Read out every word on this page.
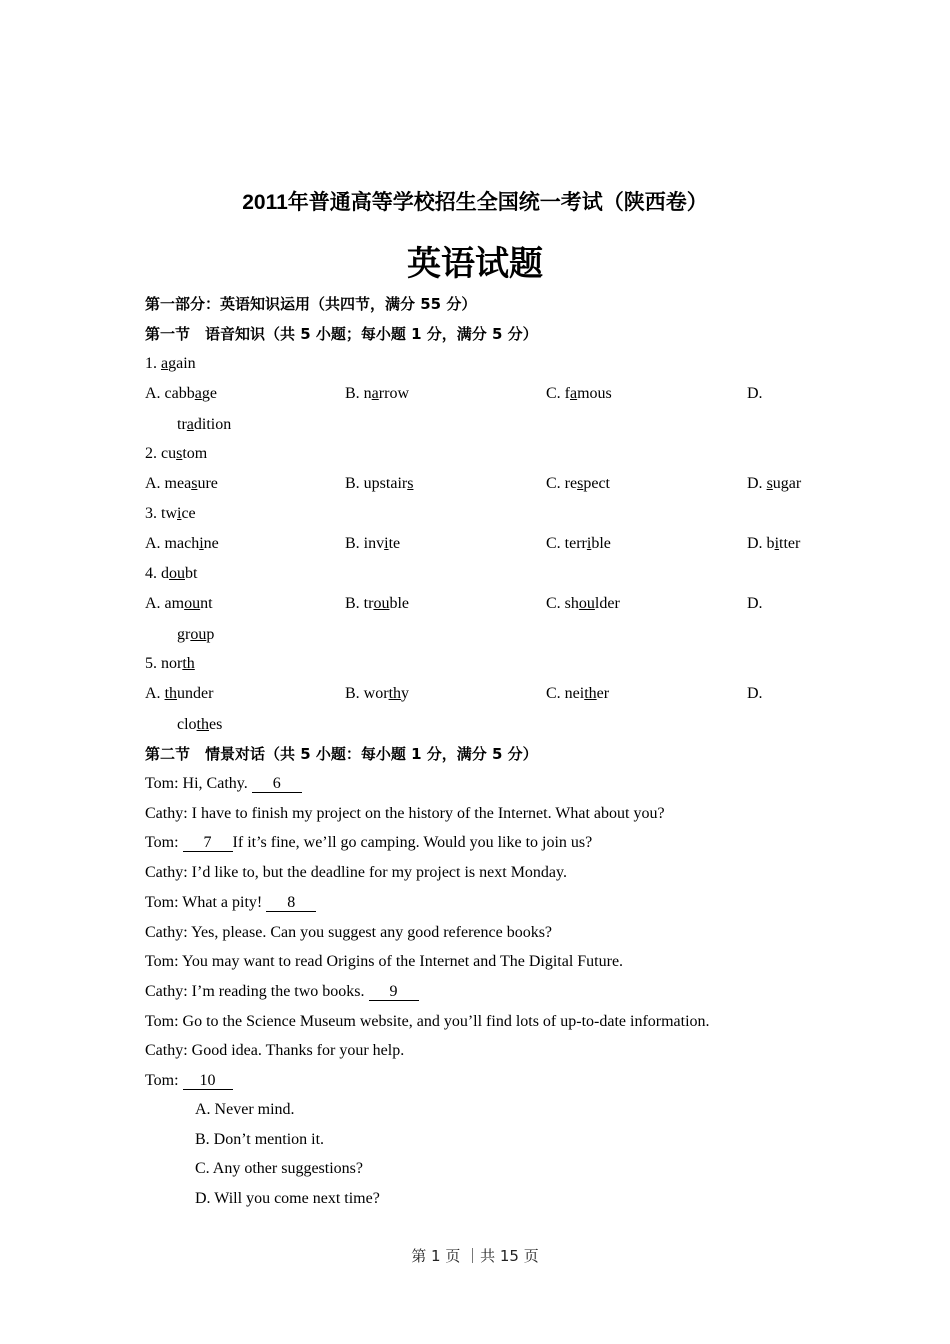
2011年普通高等学校招生全国统一考试（陕西卷）
英语试题
第一部分：英语知识运用（共四节，满分 55 分）
第一节　语音知识（共 5 小题；每小题 1 分，满分 5 分）
1. again
A. cabbage	B. narrow	C. famous	D.
tradition
2. custom
A. measure	B. upstairs	C. respect	D. sugar
3. twice
A. machine	B. invite	C. terrible	D. bitter
4. doubt
A. amount	B. trouble	C. shoulder	D.
group
5. north
A. thunder	B. worthy	C. neither	D.
clothes
第二节　情景对话（共 5 小题：每小题 1 分，满分 5 分）
Tom: Hi, Cathy. 6
Cathy: I have to finish my project on the history of the Internet. What about you?
Tom: 7 If it’s fine, we’ll go camping. Would you like to join us?
Cathy: I’d like to, but the deadline for my project is next Monday.
Tom: What a pity! 8
Cathy: Yes, please. Can you suggest any good reference books?
Tom: You may want to read Origins of the Internet and The Digital Future.
Cathy: I’m reading the two books. 9
Tom: Go to the Science Museum website, and you’ll find lots of up-to-date information.
Cathy: Good idea. Thanks for your help.
Tom: 10
A. Never mind.
B. Don’t mention it.
C. Any other suggestions?
D. Will you come next time?
第 1 页 ｜共 15 页
